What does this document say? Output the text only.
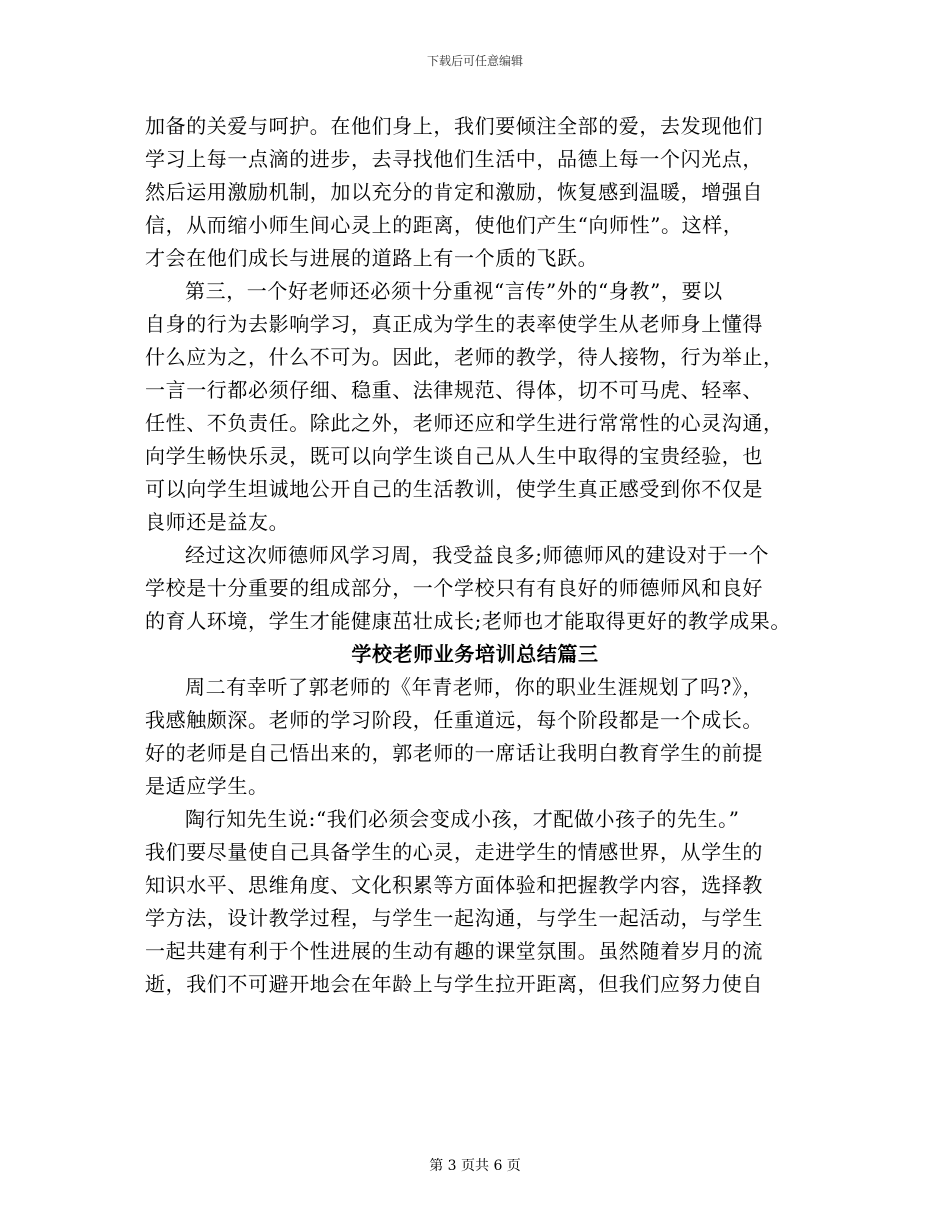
下载后可任意编辑
加备的关爱与呵护。在他们身上，我们要倾注全部的爱，去发现他们
学习上每一点滴的进步，去寻找他们生活中，品德上每一个闪光点，
然后运用激励机制，加以充分的肯定和激励，恢复感到温暖，增强自
信，从而缩小师生间心灵上的距离，使他们产生“向师性”。这样，
才会在他们成长与进展的道路上有一个质的飞跃。
第三，一个好老师还必须十分重视“言传”外的“身教”，要以
自身的行为去影响学习，真正成为学生的表率使学生从老师身上懂得
什么应为之，什么不可为。因此，老师的教学，待人接物，行为举止，
一言一行都必须仔细、稳重、法律规范、得体，切不可马虎、轻率、
任性、不负责任。除此之外，老师还应和学生进行常常性的心灵沟通，
向学生畅快乐灵，既可以向学生谈自己从人生中取得的宝贵经验，也
可以向学生坦诚地公开自己的生活教训，使学生真正感受到你不仅是
良师还是益友。
经过这次师德师风学习周，我受益良多;师德师风的建设对于一个
学校是十分重要的组成部分，一个学校只有有良好的师德师风和良好
的育人环境，学生才能健康茁壮成长;老师也才能取得更好的教学成果。
学校老师业务培训总结篇三
周二有幸听了郭老师的《年青老师，你的职业生涯规划了吗?》，
我感触颇深。老师的学习阶段，任重道远，每个阶段都是一个成长。
好的老师是自己悟出来的，郭老师的一席话让我明白教育学生的前提
是适应学生。
陶行知先生说:“我们必须会变成小孩，才配做小孩子的先生。”
我们要尽量使自己具备学生的心灵，走进学生的情感世界，从学生的
知识水平、思维角度、文化积累等方面体验和把握教学内容，选择教
学方法，设计教学过程，与学生一起沟通，与学生一起活动，与学生
一起共建有利于个性进展的生动有趣的课堂氛围。虽然随着岁月的流
逝，我们不可避开地会在年龄上与学生拉开距离，但我们应努力使自
第 3 页共 6 页
